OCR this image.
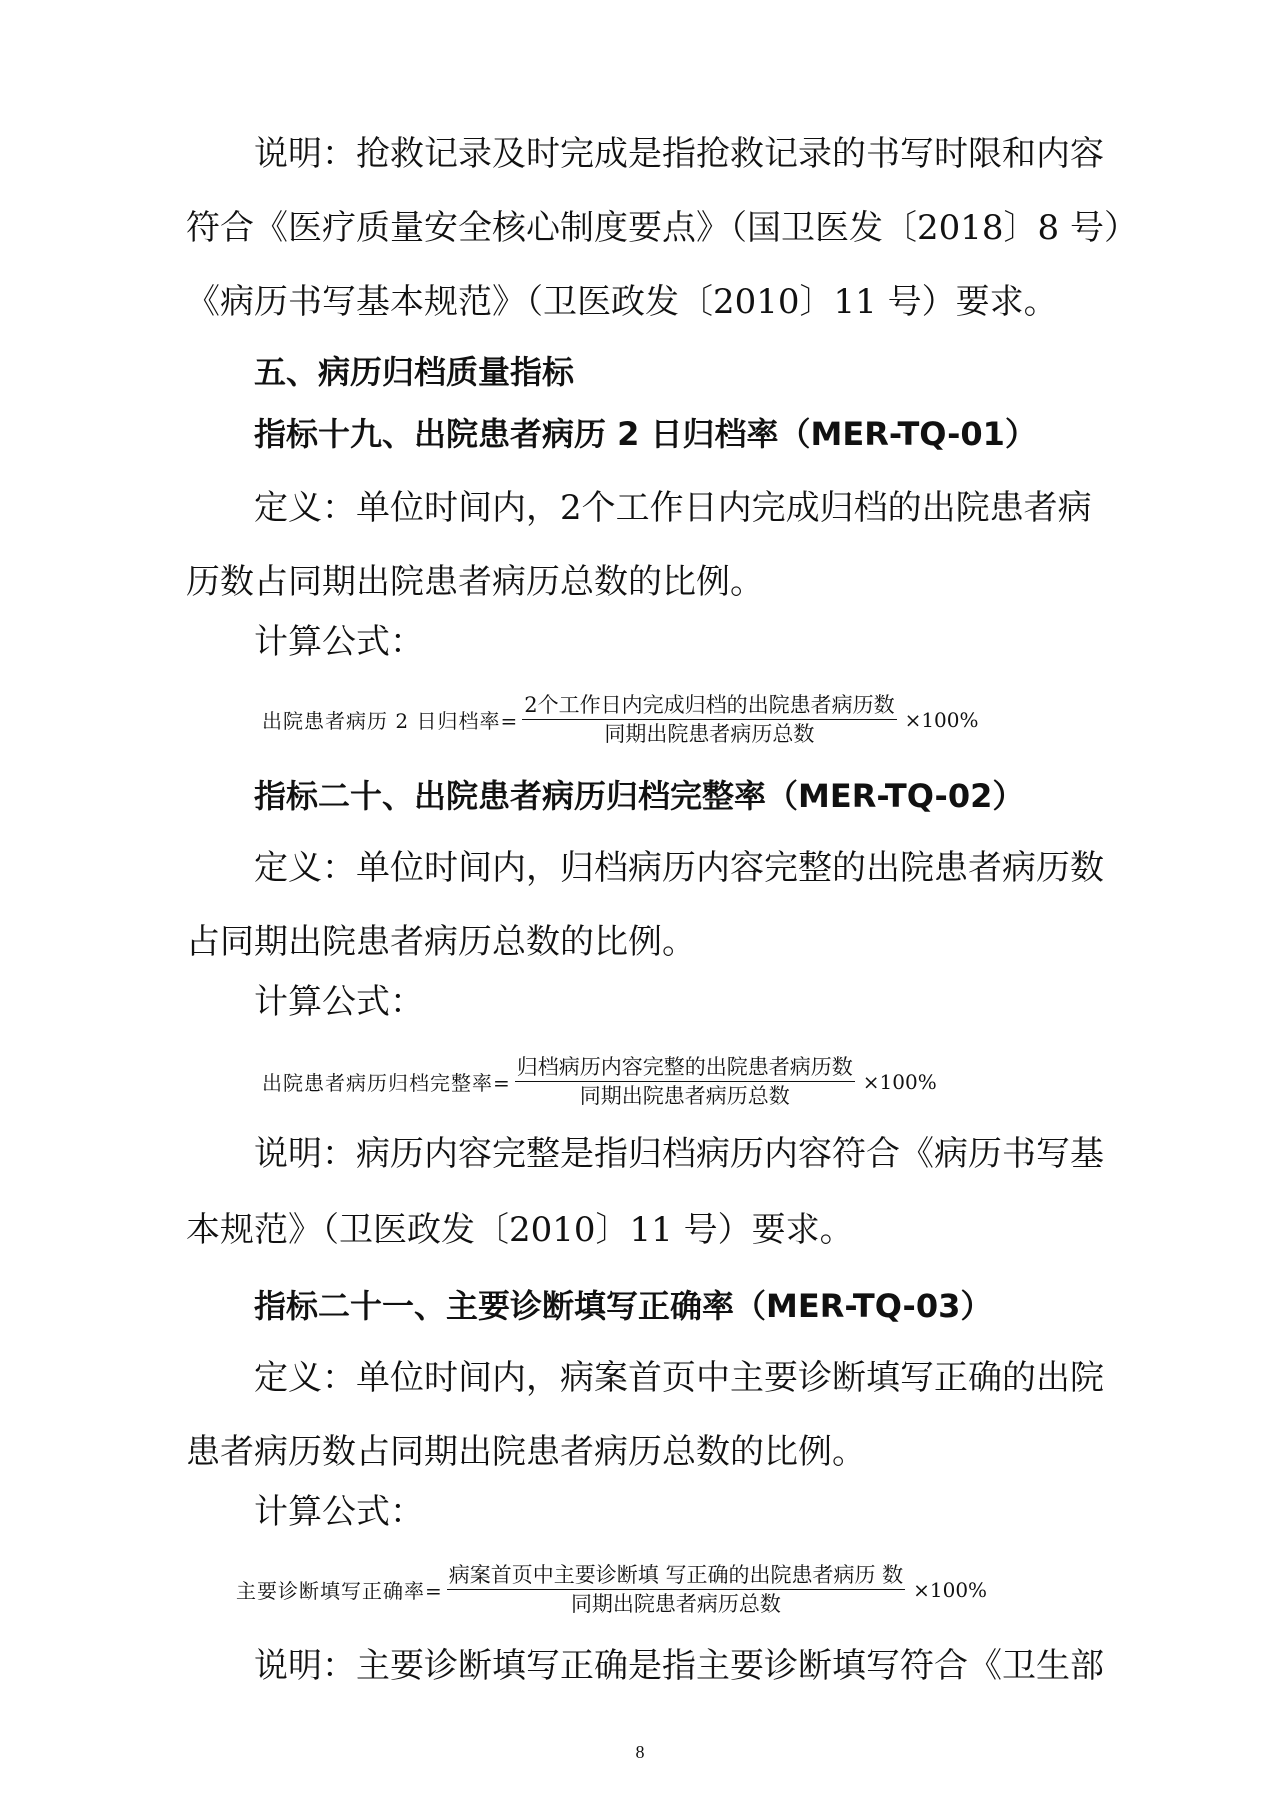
说明：抢救记录及时完成是指抢救记录的书写时限和内容
符合《医疗质量安全核心制度要点》（国卫医发〔2018〕8 号）
《病历书写基本规范》（卫医政发〔2010〕11 号）要求。
五、病历归档质量指标
指标十九、出院患者病历 2 日归档率（MER-TQ-01）
定义：单位时间内，2个工作日内完成归档的出院患者病
历数占同期出院患者病历总数的比例。
计算公式：
出院患者病历 2 日归档率= $\frac{\text{2个工作日内完成归档的出院患者病历数}}{\text{同期出院患者病历总数}} \times 100\%$
指标二十、出院患者病历归档完整率（MER-TQ-02）
定义：单位时间内，归档病历内容完整的出院患者病历数
占同期出院患者病历总数的比例。
计算公式：
出院患者病历归档完整率= $\frac{\text{归档病历内容完整的出院患者病历数}}{\text{同期出院患者病历总数}} \times 100\%$
说明：病历内容完整是指归档病历内容符合《病历书写基
本规范》（卫医政发〔2010〕11 号）要求。
指标二十一、主要诊断填写正确率（MER-TQ-03）
定义：单位时间内，病案首页中主要诊断填写正确的出院
患者病历数占同期出院患者病历总数的比例。
计算公式：
主要诊断填写正确率= $\frac{\text{病案首页中主要诊断填 写正确的出院患者病历 数}}{\text{同期出院患者病历总数}} \times 100\%$
说明：主要诊断填写正确是指主要诊断填写符合《卫生部
8
